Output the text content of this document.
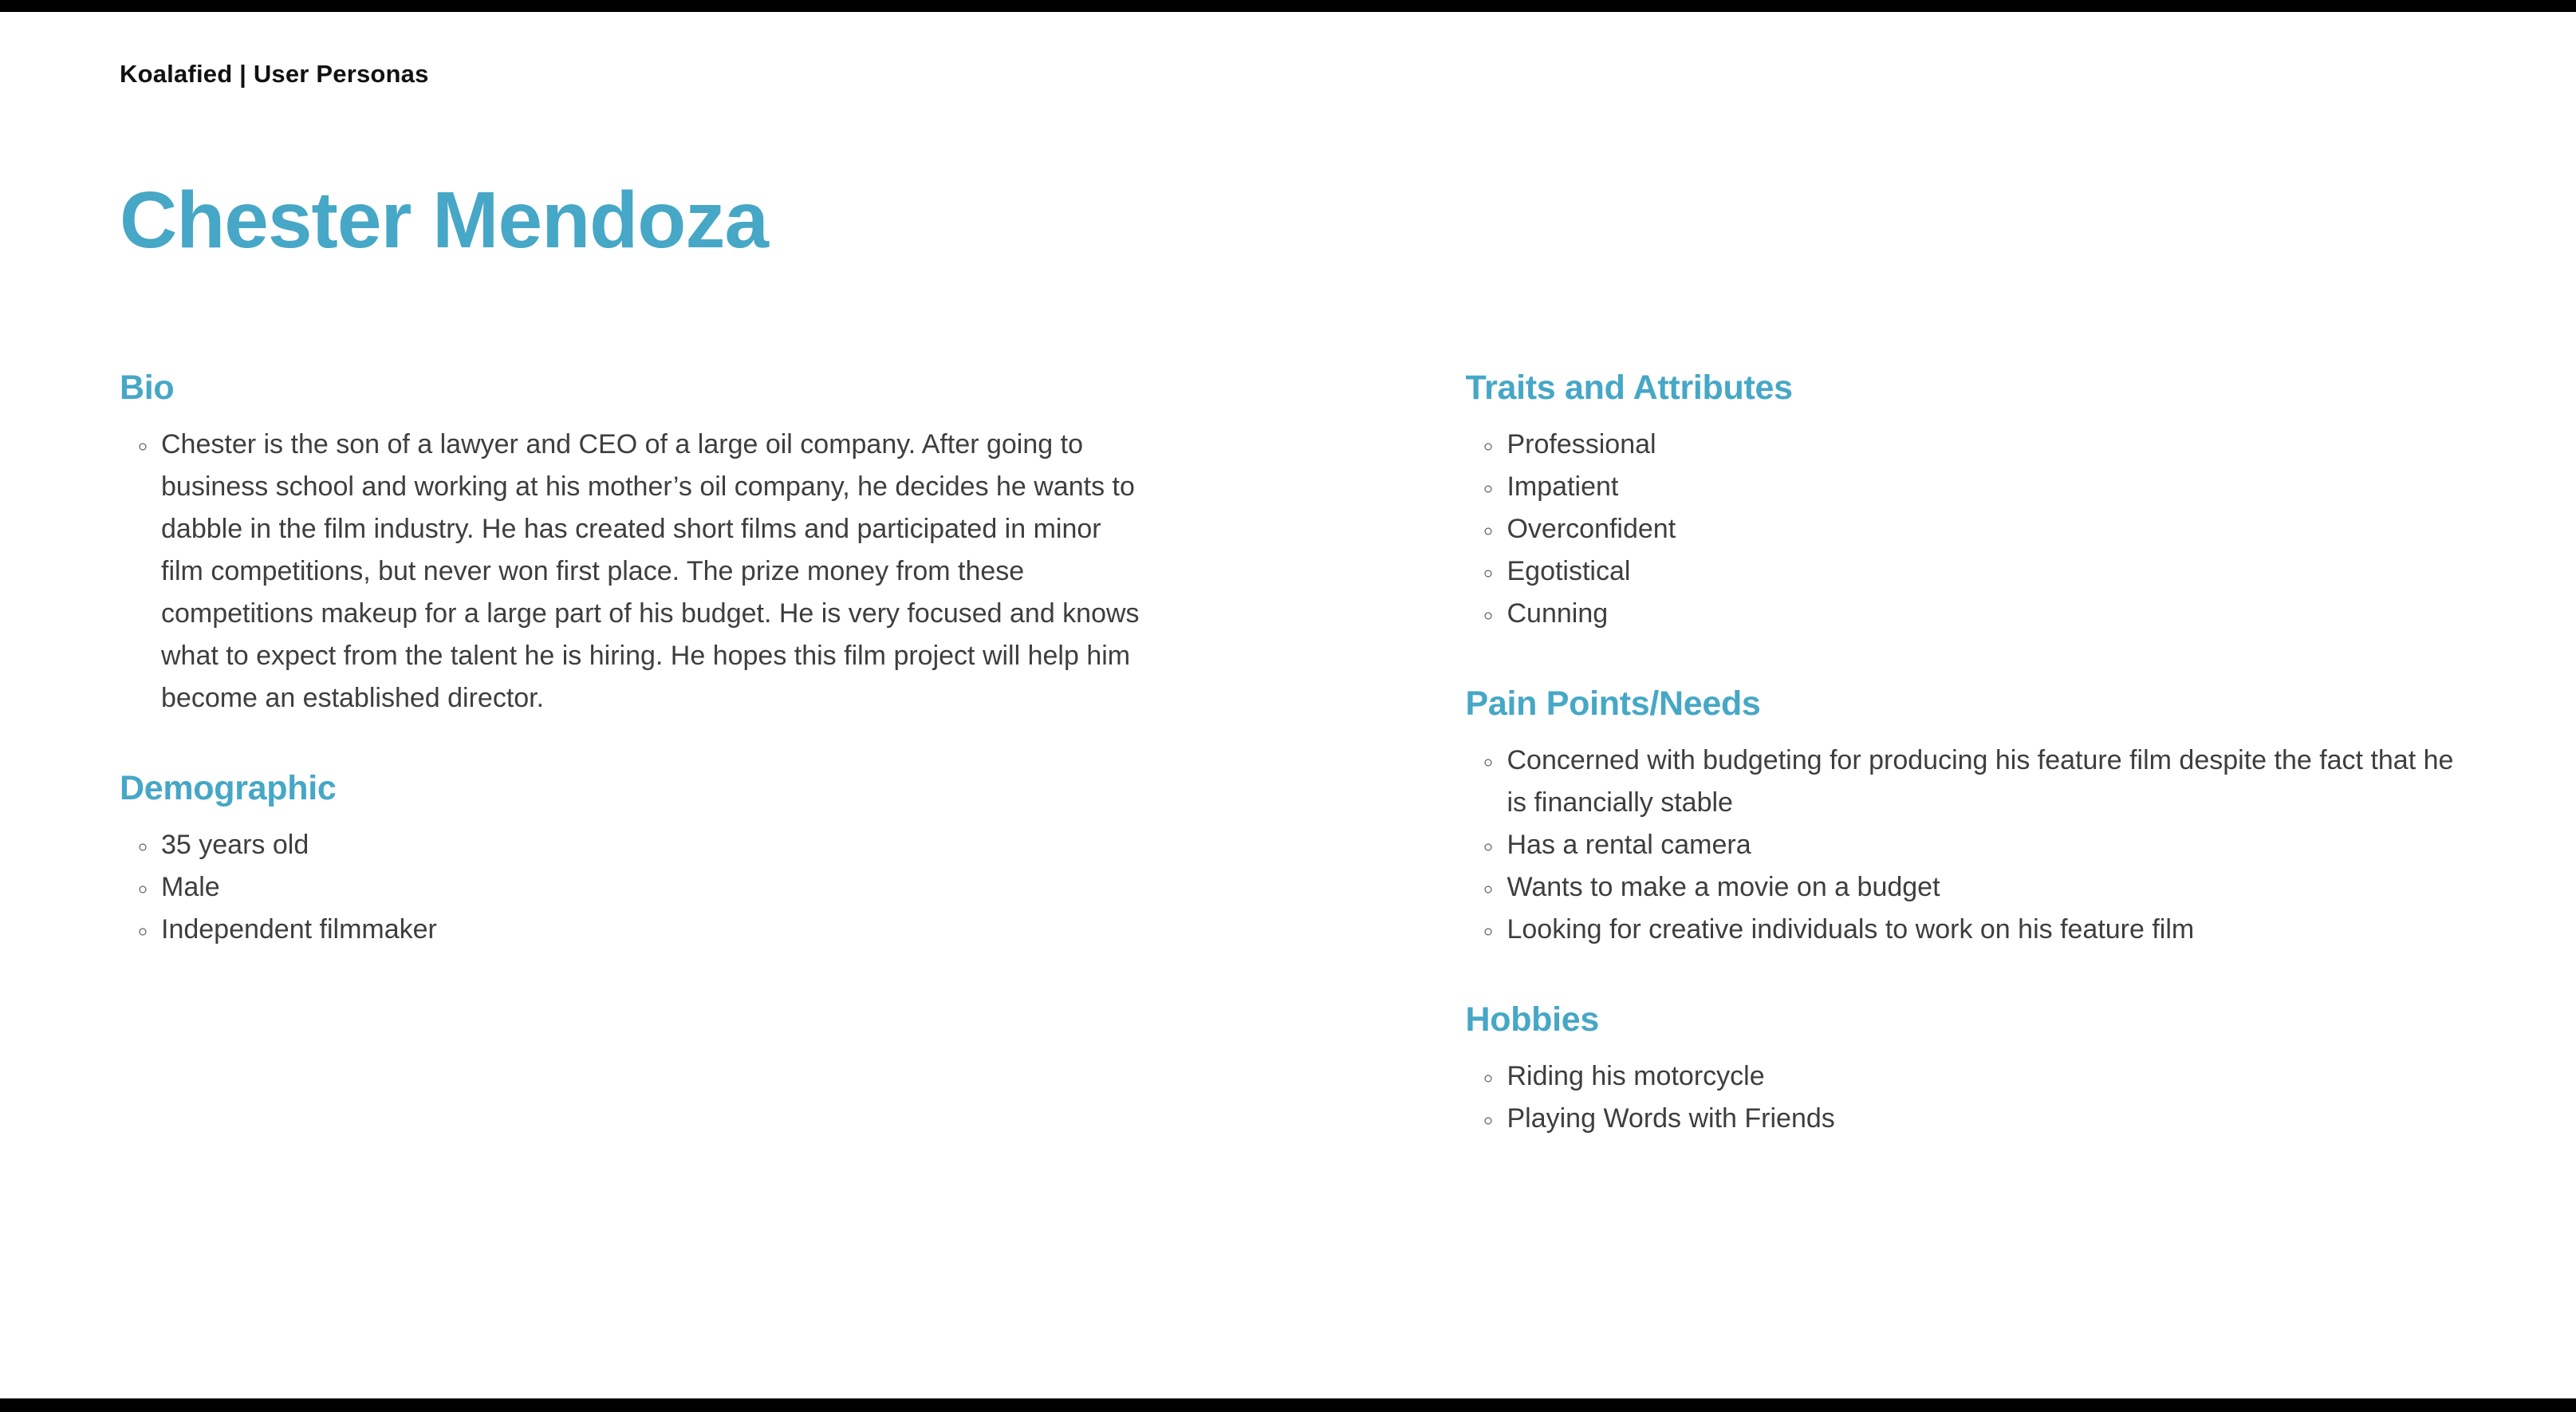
Koalafied | User Personas
Chester Mendoza
Bio
◦ Chester is the son of a lawyer and CEO of a large oil company. After going to business school and working at his mother’s oil company, he decides he wants to dabble in the film industry. He has created short films and participated in minor film competitions, but never won first place. The prize money from these competitions makeup for a large part of his budget. He is very focused and knows what to expect from the talent he is hiring. He hopes this film project will help him become an established director.
Demographic
◦ 35 years old
◦ Male
◦ Independent filmmaker
Traits and Attributes
◦ Professional
◦ Impatient
◦ Overconfident
◦ Egotistical
◦ Cunning
Pain Points/Needs
◦ Concerned with budgeting for producing his feature film despite the fact that he is financially stable
◦ Has a rental camera
◦ Wants to make a movie on a budget
◦ Looking for creative individuals to work on his feature film
Hobbies
◦ Riding his motorcycle
◦ Playing Words with Friends
